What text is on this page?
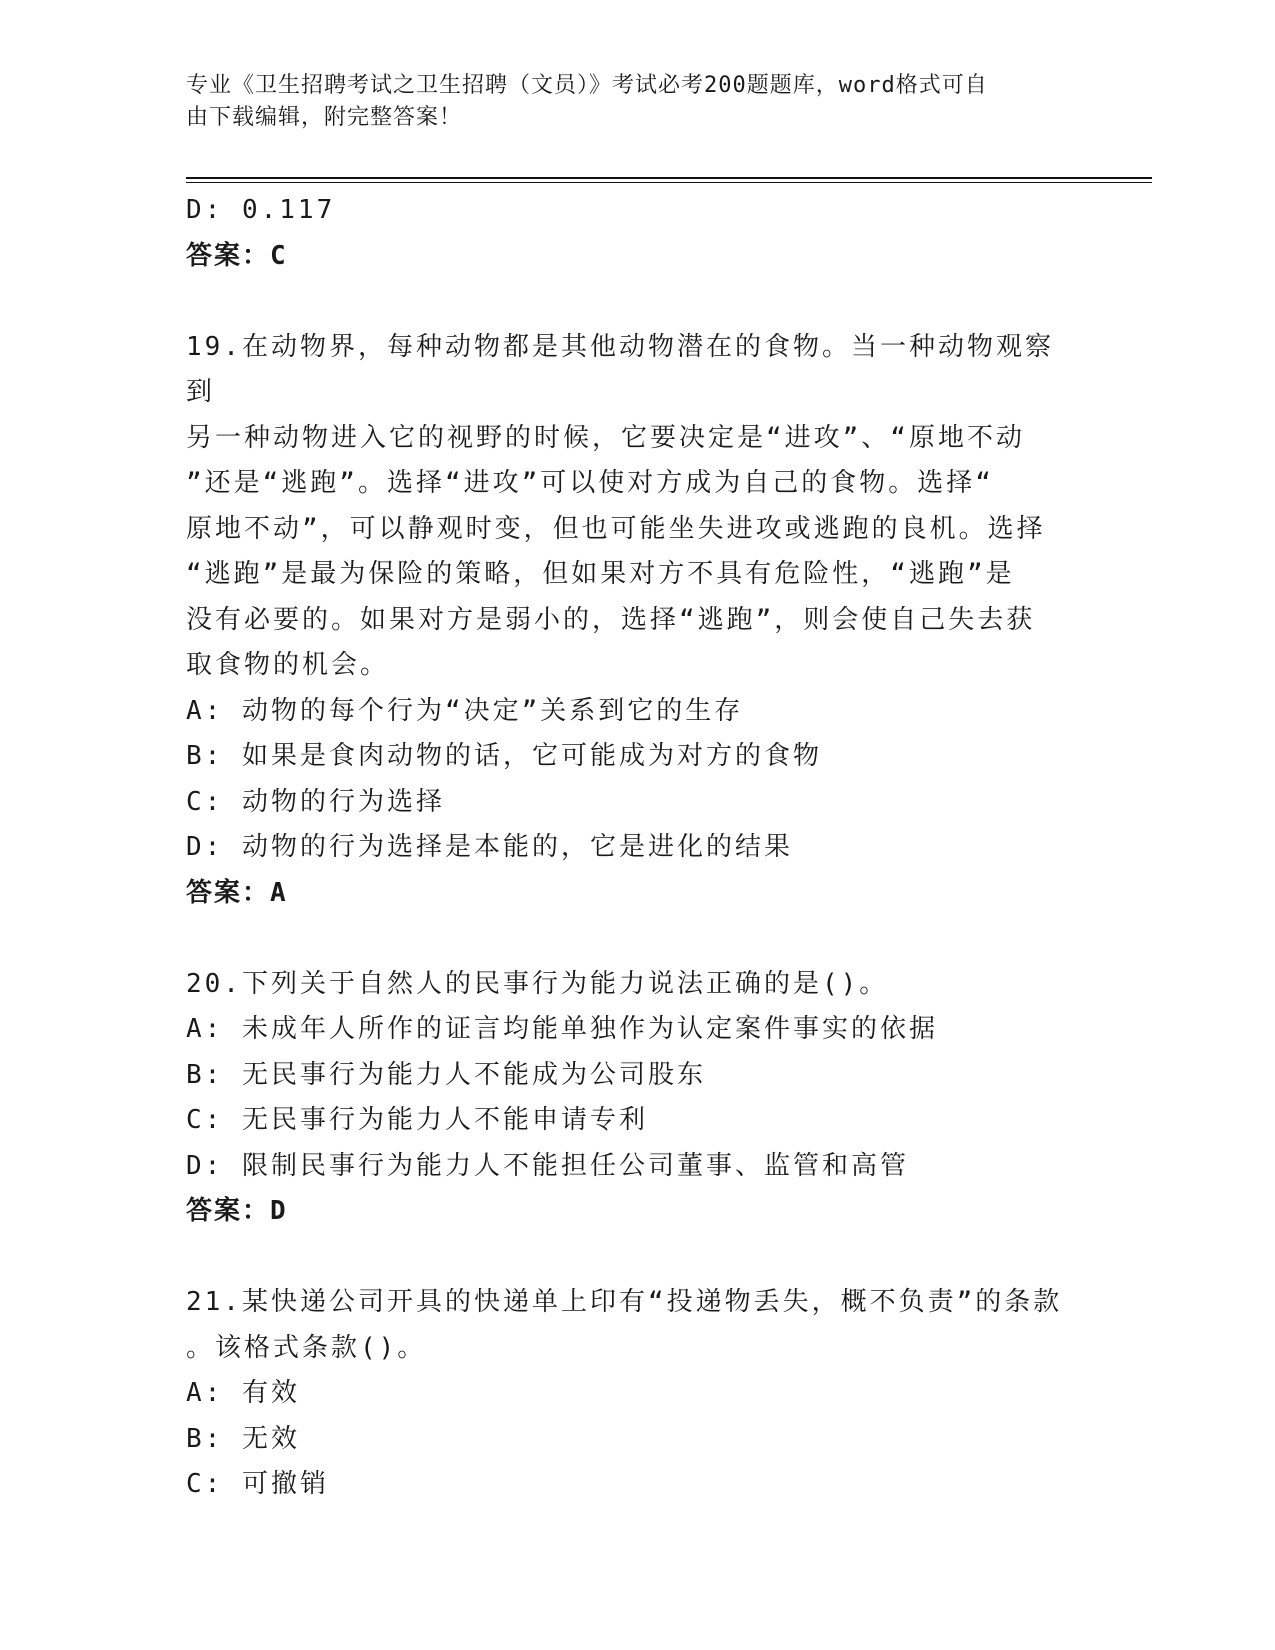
专业《卫生招聘考试之卫生招聘（文员）》考试必考200题题库，word格式可自
由下载编辑，附完整答案！
D: 0.117
答案：C
19.在动物界，每种动物都是其他动物潜在的食物。当一种动物观察到
另一种动物进入它的视野的时候，它要决定是“进攻”、“原地不动
”还是“逃跑”。选择“进攻”可以使对方成为自己的食物。选择“
原地不动”，可以静观时变，但也可能坐失进攻或逃跑的良机。选择
“逃跑”是最为保险的策略，但如果对方不具有危险性，“逃跑”是
没有必要的。如果对方是弱小的，选择“逃跑”，则会使自己失去获
取食物的机会。
A: 动物的每个行为“决定”关系到它的生存
B: 如果是食肉动物的话，它可能成为对方的食物
C: 动物的行为选择
D: 动物的行为选择是本能的，它是进化的结果
答案：A
20.下列关于自然人的民事行为能力说法正确的是()。
A: 未成年人所作的证言均能单独作为认定案件事实的依据
B: 无民事行为能力人不能成为公司股东
C: 无民事行为能力人不能申请专利
D: 限制民事行为能力人不能担任公司董事、监管和高管
答案：D
21.某快递公司开具的快递单上印有“投递物丢失，概不负责”的条款
。该格式条款()。
A: 有效
B: 无效
C: 可撤销
